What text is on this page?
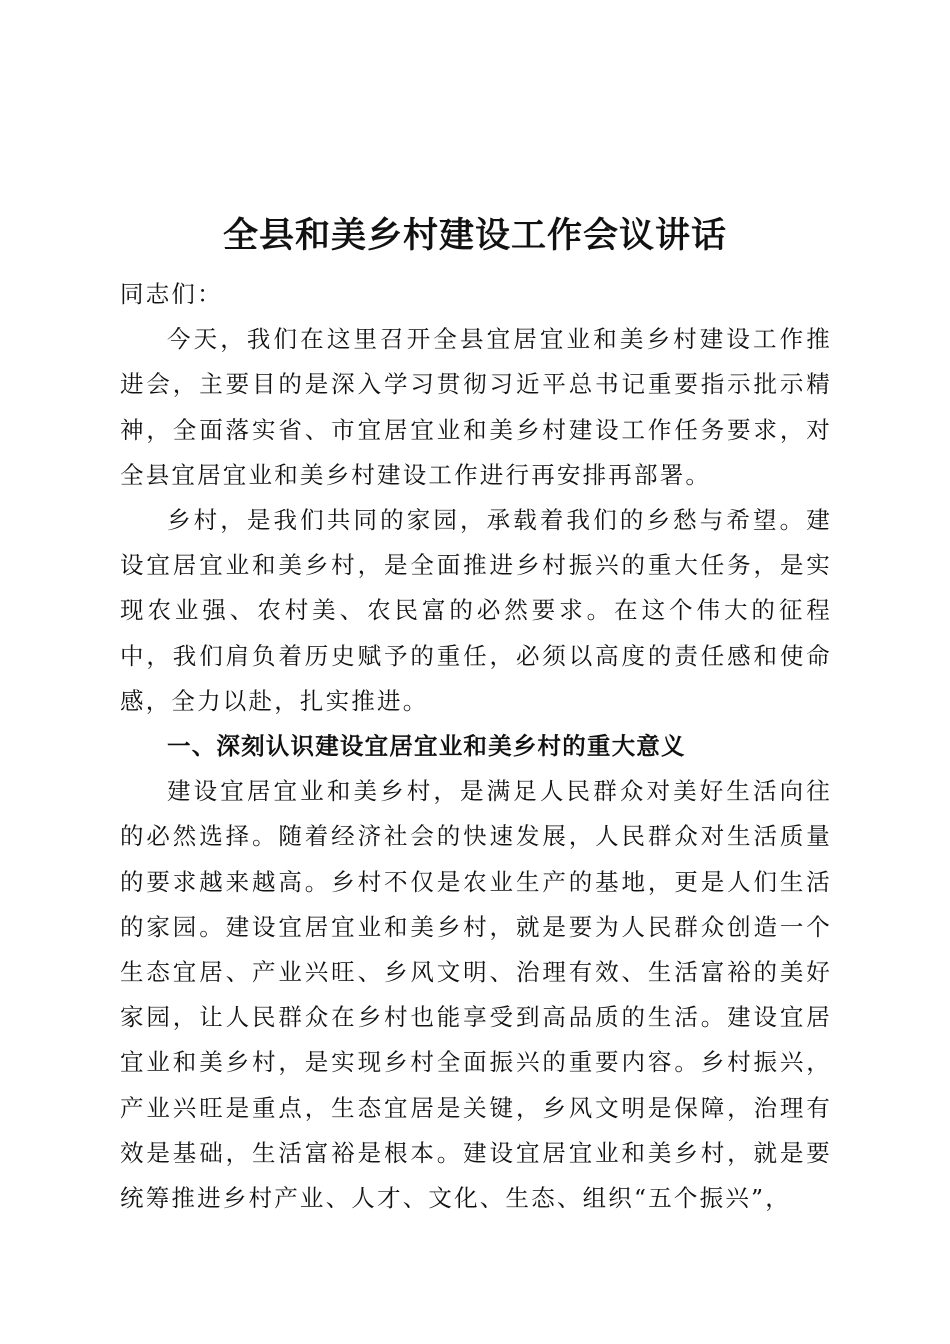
全县和美乡村建设工作会议讲话

同志们：

今天，我们在这里召开全县宜居宜业和美乡村建设工作推进会，主要目的是深入学习贯彻习近平总书记重要指示批示精神，全面落实省、市宜居宜业和美乡村建设工作任务要求，对全县宜居宜业和美乡村建设工作进行再安排再部署。

乡村，是我们共同的家园，承载着我们的乡愁与希望。建设宜居宜业和美乡村，是全面推进乡村振兴的重大任务，是实现农业强、农村美、农民富的必然要求。在这个伟大的征程中，我们肩负着历史赋予的重任，必须以高度的责任感和使命感，全力以赴，扎实推进。

一、深刻认识建设宜居宜业和美乡村的重大意义

建设宜居宜业和美乡村，是满足人民群众对美好生活向往的必然选择。随着经济社会的快速发展，人民群众对生活质量的要求越来越高。乡村不仅是农业生产的基地，更是人们生活的家园。建设宜居宜业和美乡村，就是要为人民群众创造一个生态宜居、产业兴旺、乡风文明、治理有效、生活富裕的美好家园，让人民群众在乡村也能享受到高品质的生活。建设宜居宜业和美乡村，是实现乡村全面振兴的重要内容。乡村振兴，产业兴旺是重点，生态宜居是关键，乡风文明是保障，治理有效是基础，生活富裕是根本。建设宜居宜业和美乡村，就是要统筹推进乡村产业、人才、文化、生态、组织“五个振兴”，
